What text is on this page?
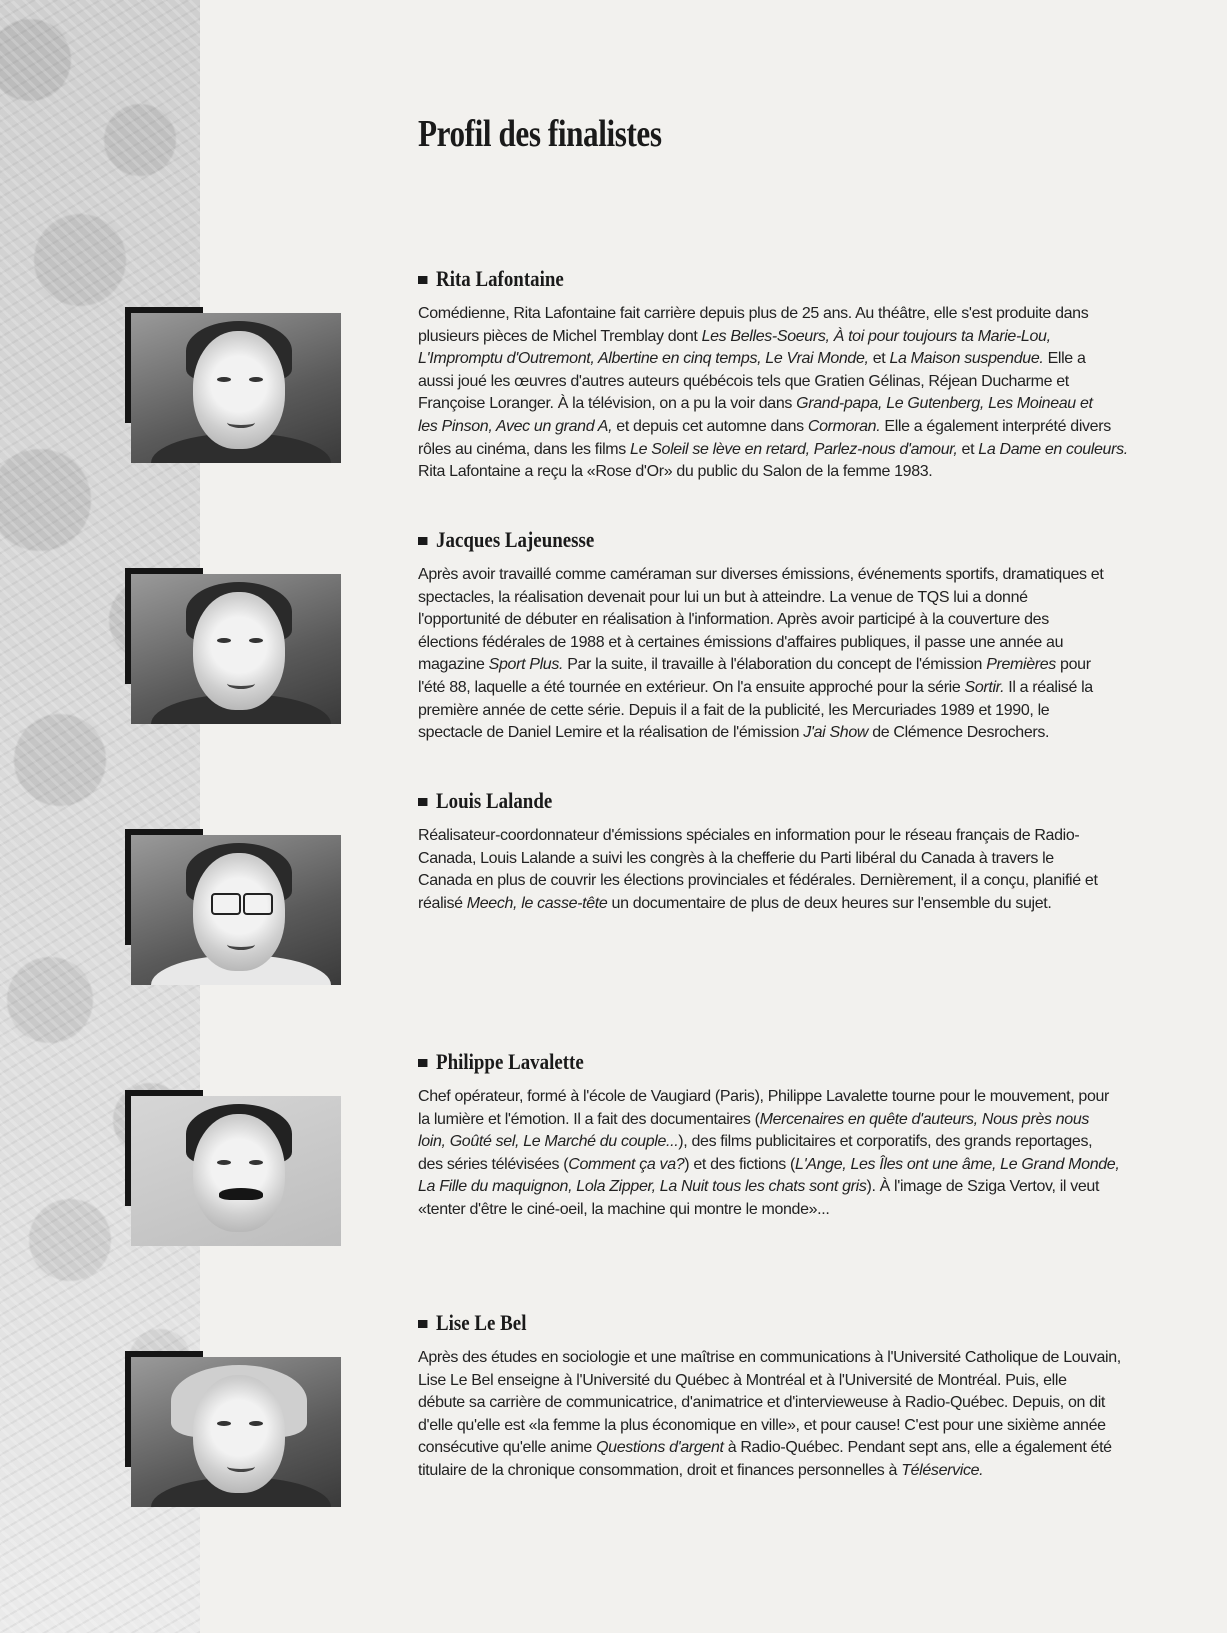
Profil des finalistes
Rita Lafontaine

Comédienne, Rita Lafontaine fait carrière depuis plus de 25 ans. Au théâtre, elle s'est produite dans
plusieurs pièces de Michel Tremblay dont Les Belles-Soeurs, À toi pour toujours ta Marie-Lou,
L'Impromptu d'Outremont, Albertine en cinq temps, Le Vrai Monde, et La Maison suspendue. Elle a
aussi joué les œuvres d'autres auteurs québécois tels que Gratien Gélinas, Réjean Ducharme et
Françoise Loranger. À la télévision, on a pu la voir dans Grand-papa, Le Gutenberg, Les Moineau et
les Pinson, Avec un grand A, et depuis cet automne dans Cormoran. Elle a également interprété divers
rôles au cinéma, dans les films Le Soleil se lève en retard, Parlez-nous d'amour, et La Dame en couleurs.
Rita Lafontaine a reçu la «Rose d'Or» du public du Salon de la femme 1983.

Jacques Lajeunesse

Après avoir travaillé comme caméraman sur diverses émissions, événements sportifs, dramatiques et
spectacles, la réalisation devenait pour lui un but à atteindre. La venue de TQS lui a donné
l'opportunité de débuter en réalisation à l'information. Après avoir participé à la couverture des
élections fédérales de 1988 et à certaines émissions d'affaires publiques, il passe une année au
magazine Sport Plus. Par la suite, il travaille à l'élaboration du concept de l'émission Premières pour
l'été 88, laquelle a été tournée en extérieur. On l'a ensuite approché pour la série Sortir. Il a réalisé la
première année de cette série. Depuis il a fait de la publicité, les Mercuriades 1989 et 1990, le
spectacle de Daniel Lemire et la réalisation de l'émission J'ai Show de Clémence Desrochers.

Louis Lalande

Réalisateur-coordonnateur d'émissions spéciales en information pour le réseau français de Radio-
Canada, Louis Lalande a suivi les congrès à la chefferie du Parti libéral du Canada à travers le
Canada en plus de couvrir les élections provinciales et fédérales. Dernièrement, il a conçu, planifié et
réalisé Meech, le casse-tête un documentaire de plus de deux heures sur l'ensemble du sujet.

Philippe Lavalette

Chef opérateur, formé à l'école de Vaugiard (Paris), Philippe Lavalette tourne pour le mouvement, pour
la lumière et l'émotion. Il a fait des documentaires (Mercenaires en quête d'auteurs, Nous près nous
loin, Goûté sel, Le Marché du couple...), des films publicitaires et corporatifs, des grands reportages,
des séries télévisées (Comment ça va?) et des fictions (L'Ange, Les Îles ont une âme, Le Grand Monde,
La Fille du maquignon, Lola Zipper, La Nuit tous les chats sont gris). À l'image de Sziga Vertov, il veut
«tenter d'être le ciné-oeil, la machine qui montre le monde»...

Lise Le Bel

Après des études en sociologie et une maîtrise en communications à l'Université Catholique de Louvain,
Lise Le Bel enseigne à l'Université du Québec à Montréal et à l'Université de Montréal. Puis, elle
débute sa carrière de communicatrice, d'animatrice et d'intervieweuse à Radio-Québec. Depuis, on dit
d'elle qu'elle est «la femme la plus économique en ville», et pour cause! C'est pour une sixième année
consécutive qu'elle anime Questions d'argent à Radio-Québec. Pendant sept ans, elle a également été
titulaire de la chronique consommation, droit et finances personnelles à Téléservice.
